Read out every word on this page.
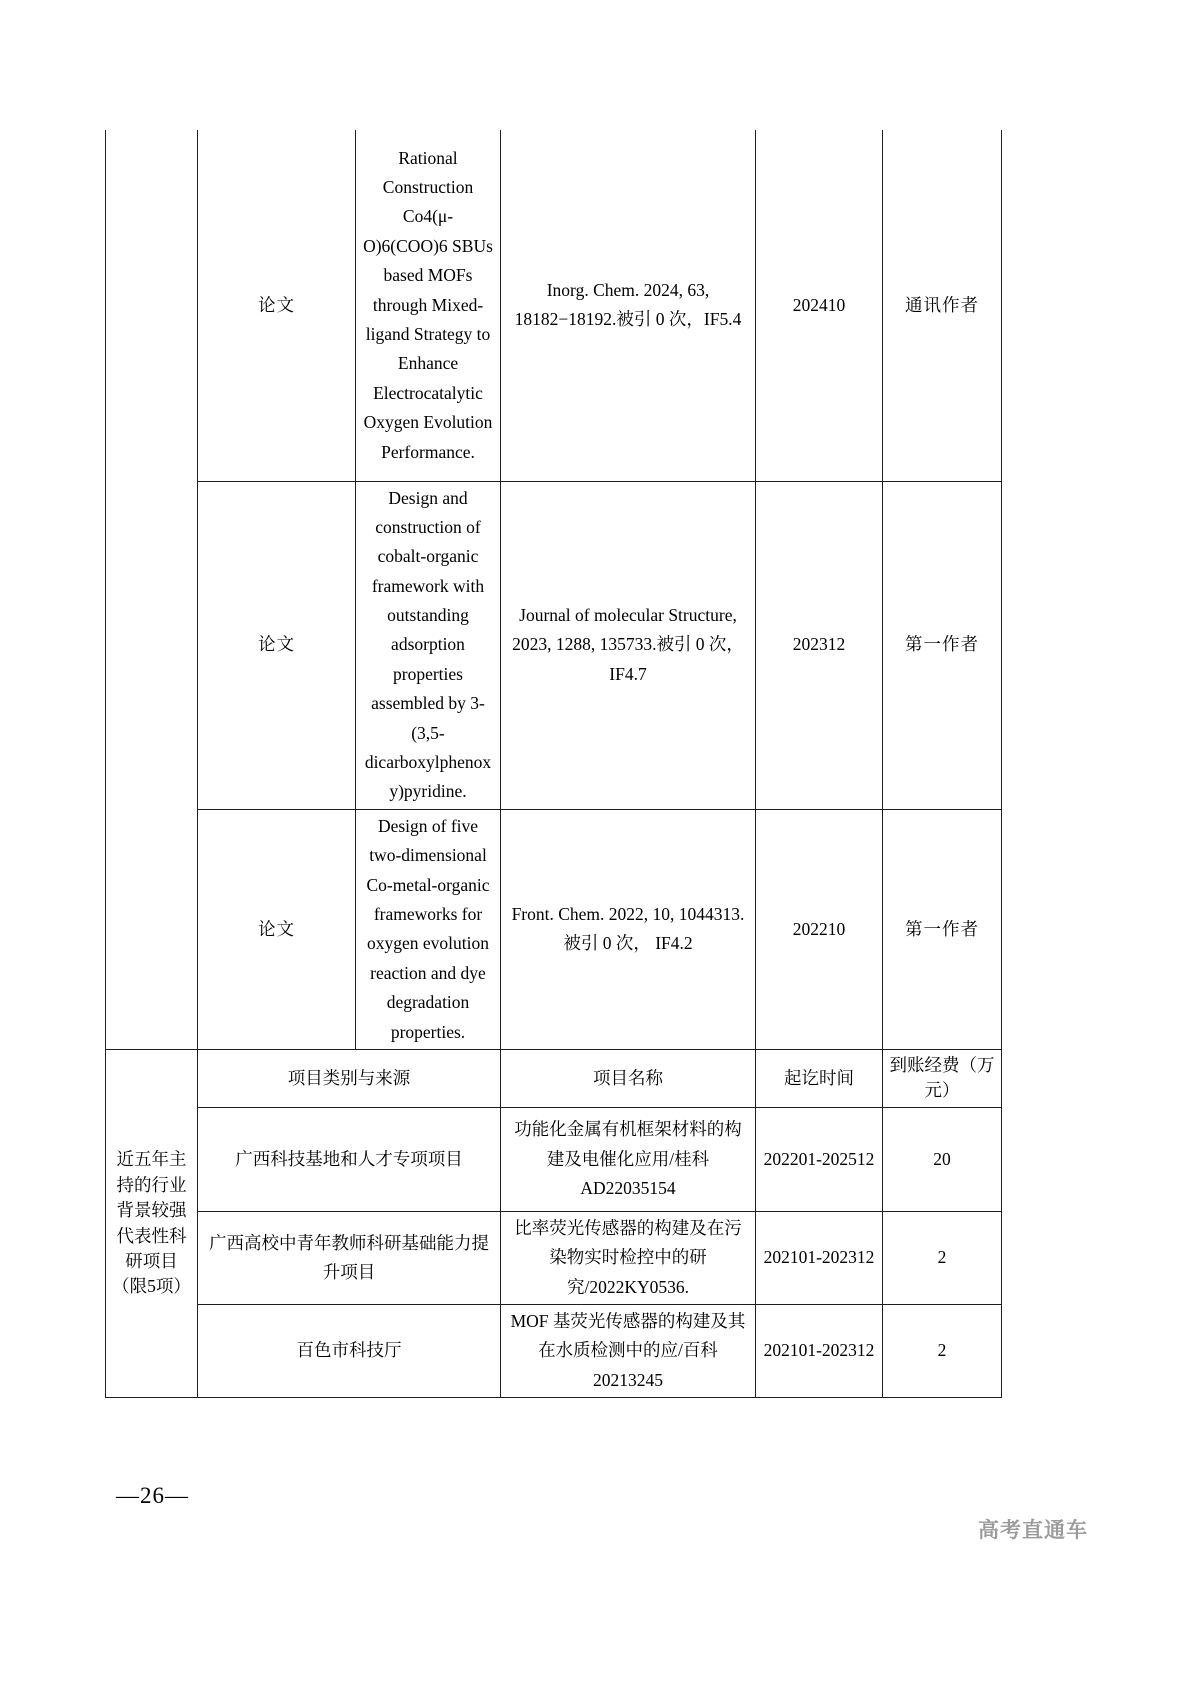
	论文	Rational Construction Co4(μ-O)6(COO)6 SBUs based MOFs through Mixed-ligand Strategy to Enhance Electrocatalytic Oxygen Evolution Performance.	Inorg. Chem. 2024, 63, 18182−18192.被引 0 次，IF5.4	202410	通讯作者
	论文	Design and construction of cobalt-organic framework with outstanding adsorption properties assembled by 3-(3,5-dicarboxylphenoxy)pyridine.	Journal of molecular Structure, 2023, 1288, 135733.被引 0 次， IF4.7	202312	第一作者
	论文	Design of five two-dimensional Co-metal-organic frameworks for oxygen evolution reaction and dye degradation properties.	Front. Chem. 2022, 10, 1044313.被引 0 次， IF4.2	202210	第一作者
近五年主持的行业背景较强代表性科研项目（限5项）	项目类别与来源		项目名称	起讫时间	到账经费（万元）
	广西科技基地和人才专项项目		功能化金属有机框架材料的构建及电催化应用/桂科 AD22035154	202201-202512	20
	广西高校中青年教师科研基础能力提升项目		比率荧光传感器的构建及在污染物实时检控中的研究/2022KY0536.	202101-202312	2
	百色市科技厅		MOF 基荧光传感器的构建及其在水质检测中的应/百科 20213245	202101-202312	2
—26—
高考直通车
